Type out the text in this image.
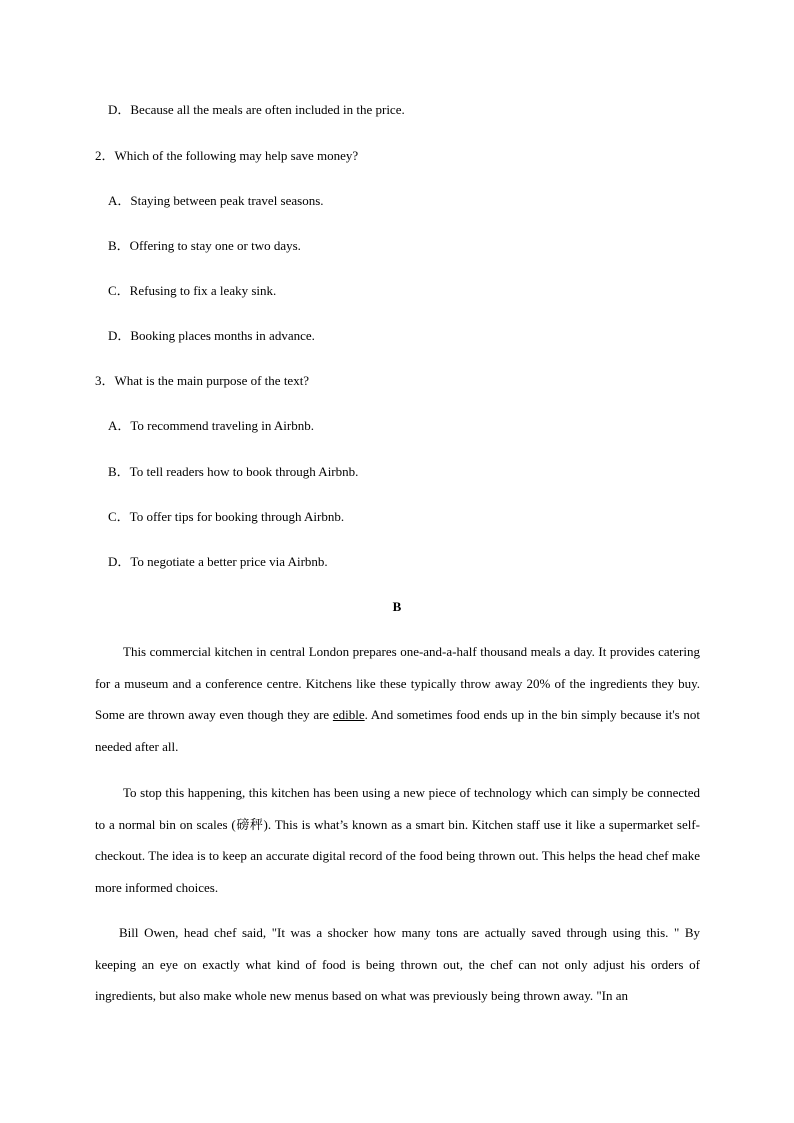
D．Because all the meals are often included in the price.
2．Which of the following may help save money?
A．Staying between peak travel seasons.
B．Offering to stay one or two days.
C．Refusing to fix a leaky sink.
D．Booking places months in advance.
3．What is the main purpose of the text?
A．To recommend traveling in Airbnb.
B．To tell readers how to book through Airbnb.
C．To offer tips for booking through Airbnb.
D．To negotiate a better price via Airbnb.
B
This commercial kitchen in central London prepares one-and-a-half thousand meals a day. It provides catering for a museum and a conference centre. Kitchens like these typically throw away 20% of the ingredients they buy. Some are thrown away even though they are edible. And sometimes food ends up in the bin simply because it's not needed after all.
To stop this happening, this kitchen has been using a new piece of technology which can simply be connected to a normal bin on scales (磅秤). This is what’s known as a smart bin. Kitchen staff use it like a supermarket self-checkout. The idea is to keep an accurate digital record of the food being thrown out. This helps the head chef make more informed choices.
Bill Owen, head chef said, "It was a shocker how many tons are actually saved through using this. " By keeping an eye on exactly what kind of food is being thrown out, the chef can not only adjust his orders of ingredients, but also make whole new menus based on what was previously being thrown away. "In an
